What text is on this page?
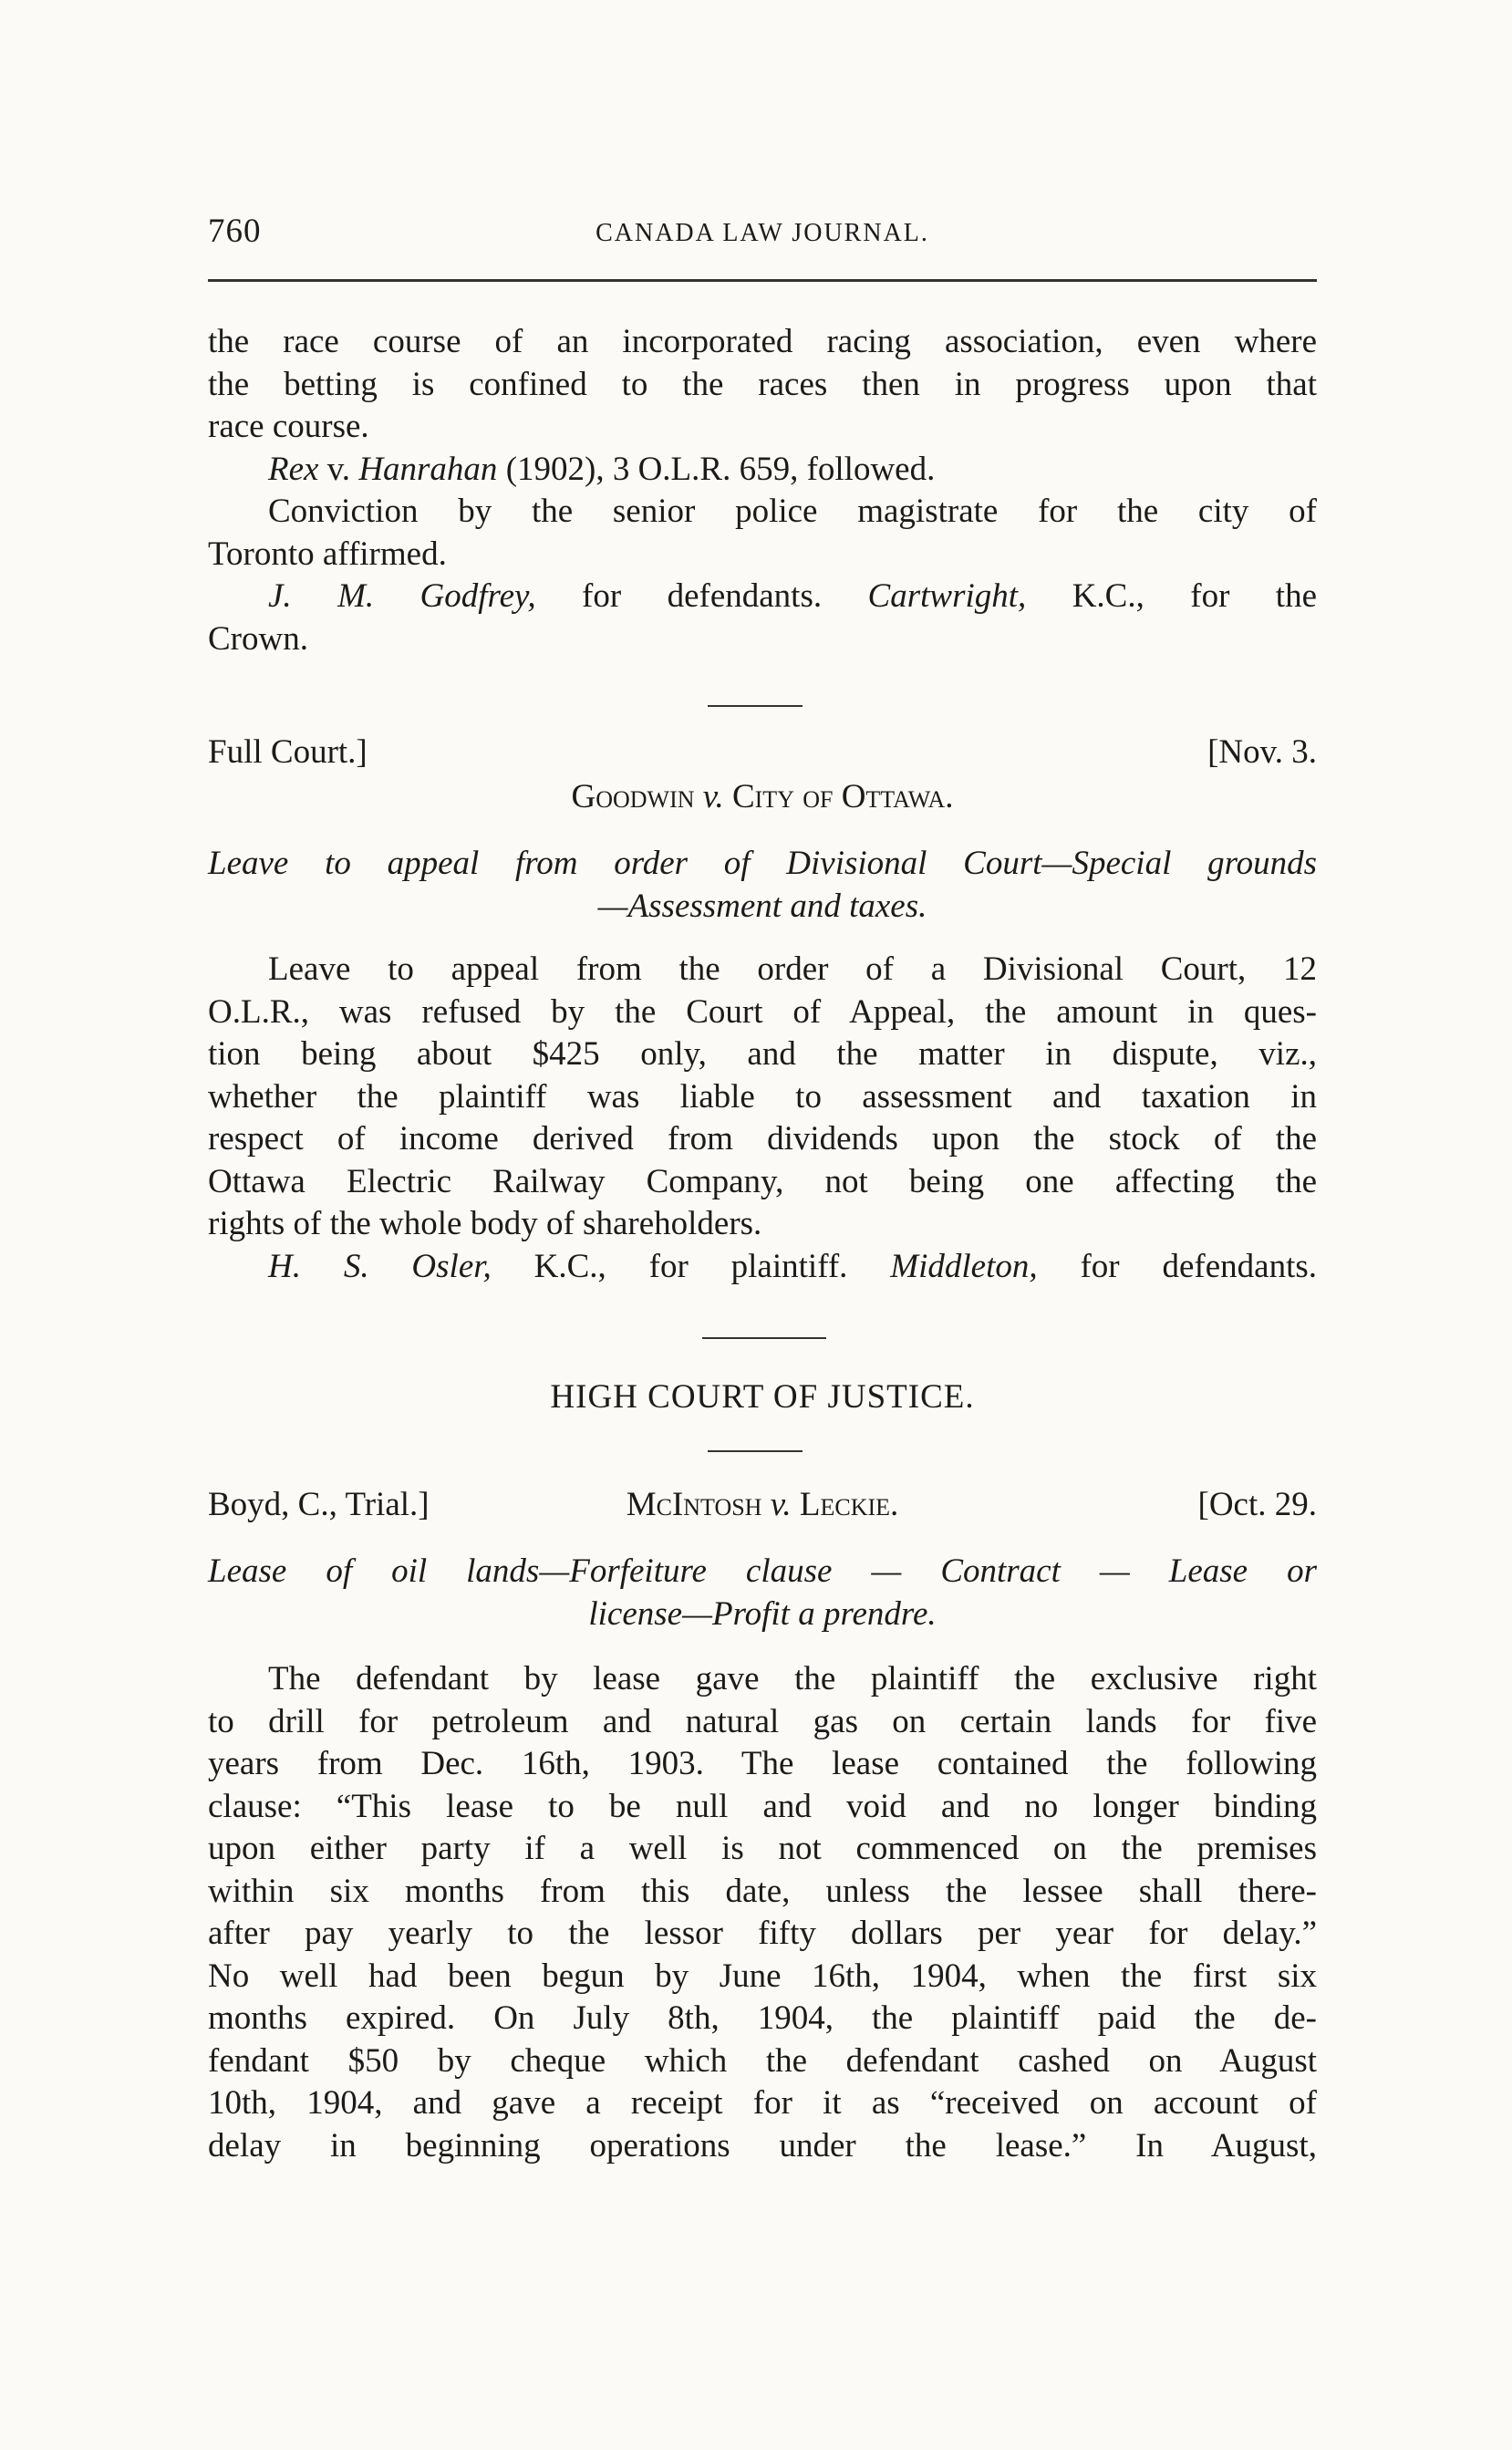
760	CANADA LAW JOURNAL.
the race course of an incorporated racing association, even where
the betting is confined to the races then in progress upon that
race course.
Rex v. Hanrahan (1902), 3 O.L.R. 659, followed.
Conviction by the senior police magistrate for the city of
Toronto affirmed.
J. M. Godfrey, for defendants. Cartwright, K.C., for the
Crown.
Full Court.]	[Nov. 3.
Goodwin v. City of Ottawa.
Leave to appeal from order of Divisional Court—Special grounds
—Assessment and taxes.
Leave to appeal from the order of a Divisional Court, 12
O.L.R., was refused by the Court of Appeal, the amount in ques-
tion being about $425 only, and the matter in dispute, viz.,
whether the plaintiff was liable to assessment and taxation in
respect of income derived from dividends upon the stock of the
Ottawa Electric Railway Company, not being one affecting the
rights of the whole body of shareholders.
H. S. Osler, K.C., for plaintiff. Middleton, for defendants.
HIGH COURT OF JUSTICE.
Boyd, C., Trial.]	McIntosh v. Leckie.	[Oct. 29.
Lease of oil lands—Forfeiture clause — Contract — Lease or
license—Profit a prendre.
The defendant by lease gave the plaintiff the exclusive right
to drill for petroleum and natural gas on certain lands for five
years from Dec. 16th, 1903. The lease contained the following
clause: “This lease to be null and void and no longer binding
upon either party if a well is not commenced on the premises
within six months from this date, unless the lessee shall there-
after pay yearly to the lessor fifty dollars per year for delay.”
No well had been begun by June 16th, 1904, when the first six
months expired. On July 8th, 1904, the plaintiff paid the de-
fendant $50 by cheque which the defendant cashed on August
10th, 1904, and gave a receipt for it as “received on account of
delay in beginning operations under the lease.” In August,
